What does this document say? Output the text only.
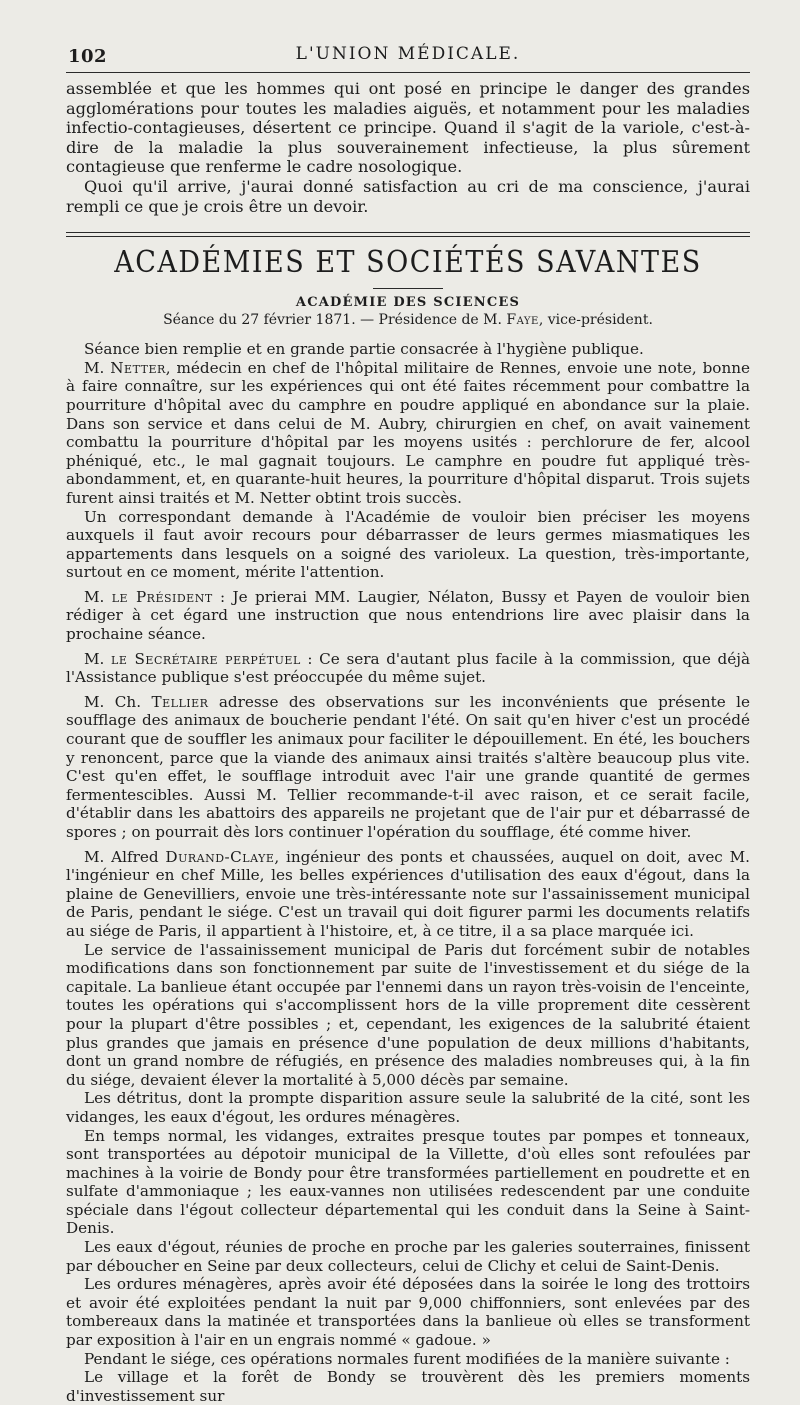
102	L'UNION MÉDICALE.

assemblée et que les hommes qui ont posé en principe le danger des grandes agglomérations pour toutes les maladies aiguës, et notamment pour les maladies infectio-contagieuses, désertent ce principe. Quand il s'agit de la variole, c'est-à-dire de la maladie la plus souverainement infectieuse, la plus sûrement contagieuse que renferme le cadre nosologique.

Quoi qu'il arrive, j'aurai donné satisfaction au cri de ma conscience, j'aurai rempli ce que je crois être un devoir.

ACADÉMIES ET SOCIÉTÉS SAVANTES
ACADÉMIE DES SCIENCES
Séance du 27 février 1871. — Présidence de M. Faye, vice-président.

Séance bien remplie et en grande partie consacrée à l'hygiène publique.

M. Netter, médecin en chef de l'hôpital militaire de Rennes, envoie une note, bonne à faire connaître, sur les expériences qui ont été faites récemment pour combattre la pourriture d'hôpital avec du camphre en poudre appliqué en abondance sur la plaie. Dans son service et dans celui de M. Aubry, chirurgien en chef, on avait vainement combattu la pourriture d'hôpital par les moyens usités : perchlorure de fer, alcool phéniqué, etc., le mal gagnait toujours. Le camphre en poudre fut appliqué très-abondamment, et, en quarante-huit heures, la pourriture d'hôpital disparut. Trois sujets furent ainsi traités et M. Netter obtint trois succès.

Un correspondant demande à l'Académie de vouloir bien préciser les moyens auxquels il faut avoir recours pour débarrasser de leurs germes miasmatiques les appartements dans lesquels on a soigné des varioleux. La question, très-importante, surtout en ce moment, mérite l'attention.

M. le Président : Je prierai MM. Laugier, Nélaton, Bussy et Payen de vouloir bien rédiger à cet égard une instruction que nous entendrions lire avec plaisir dans la prochaine séance.

M. le Secrétaire perpétuel : Ce sera d'autant plus facile à la commission, que déjà l'Assistance publique s'est préoccupée du même sujet.

M. Ch. Tellier adresse des observations sur les inconvénients que présente le soufflage des animaux de boucherie pendant l'été. On sait qu'en hiver c'est un procédé courant que de souffler les animaux pour faciliter le dépouillement. En été, les bouchers y renoncent, parce que la viande des animaux ainsi traités s'altère beaucoup plus vite. C'est qu'en effet, le soufflage introduit avec l'air une grande quantité de germes fermentescibles. Aussi M. Tellier recommande-t-il avec raison, et ce serait facile, d'établir dans les abattoirs des appareils ne projetant que de l'air pur et débarrassé de spores ; on pourrait dès lors continuer l'opération du soufflage, été comme hiver.

M. Alfred Durand-Claye, ingénieur des ponts et chaussées, auquel on doit, avec M. l'ingénieur en chef Mille, les belles expériences d'utilisation des eaux d'égout, dans la plaine de Genevilliers, envoie une très-intéressante note sur l'assainissement municipal de Paris, pendant le siége. C'est un travail qui doit figurer parmi les documents relatifs au siége de Paris, il appartient à l'histoire, et, à ce titre, il a sa place marquée ici.

Le service de l'assainissement municipal de Paris dut forcément subir de notables modifications dans son fonctionnement par suite de l'investissement et du siége de la capitale. La banlieue étant occupée par l'ennemi dans un rayon très-voisin de l'enceinte, toutes les opérations qui s'accomplissent hors de la ville proprement dite cessèrent pour la plupart d'être possibles ; et, cependant, les exigences de la salubrité étaient plus grandes que jamais en présence d'une population de deux millions d'habitants, dont un grand nombre de réfugiés, en présence des maladies nombreuses qui, à la fin du siége, devaient élever la mortalité à 5,000 décès par semaine.

Les détritus, dont la prompte disparition assure seule la salubrité de la cité, sont les vidanges, les eaux d'égout, les ordures ménagères.

En temps normal, les vidanges, extraites presque toutes par pompes et tonneaux, sont transportées au dépotoir municipal de la Villette, d'où elles sont refoulées par machines à la voirie de Bondy pour être transformées partiellement en poudrette et en sulfate d'ammoniaque ; les eaux-vannes non utilisées redescendent par une conduite spéciale dans l'égout collecteur départemental qui les conduit dans la Seine à Saint-Denis.

Les eaux d'égout, réunies de proche en proche par les galeries souterraines, finissent par déboucher en Seine par deux collecteurs, celui de Clichy et celui de Saint-Denis.

Les ordures ménagères, après avoir été déposées dans la soirée le long des trottoirs et avoir été exploitées pendant la nuit par 9,000 chiffonniers, sont enlevées par des tombereaux dans la matinée et transportées dans la banlieue où elles se transforment par exposition à l'air en un engrais nommé « gadoue. »

Pendant le siége, ces opérations normales furent modifiées de la manière suivante :

Le village et la forêt de Bondy se trouvèrent dès les premiers moments d'investissement sur
